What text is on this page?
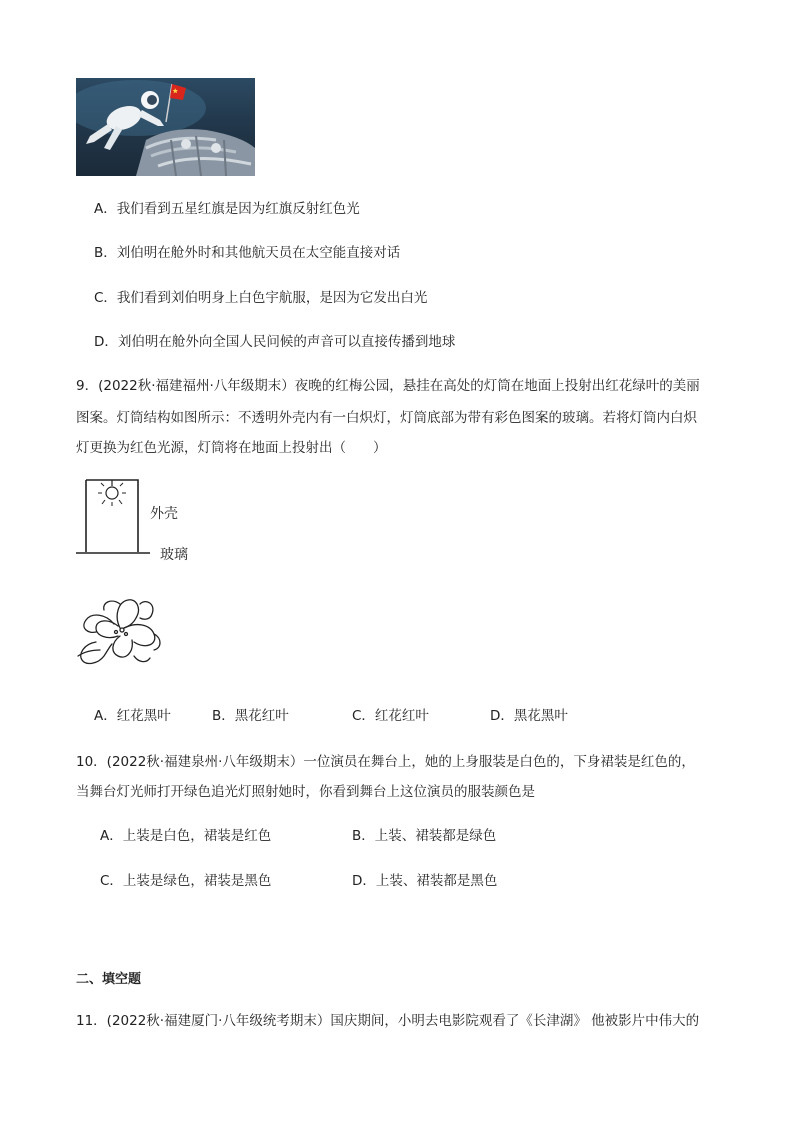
A．我们看到五星红旗是因为红旗反射红色光
B．刘伯明在舱外时和其他航天员在太空能直接对话
C．我们看到刘伯明身上白色宇航服，是因为它发出白光
D．刘伯明在舱外向全国人民问候的声音可以直接传播到地球
9．(2022秋·福建福州·八年级期末）夜晚的红梅公园，悬挂在高处的灯筒在地面上投射出红花绿叶的美丽
图案。灯筒结构如图所示：不透明外壳内有一白炽灯，灯筒底部为带有彩色图案的玻璃。若将灯筒内白炽
灯更换为红色光源，灯筒将在地面上投射出（　　）
外壳
玻璃
A．红花黑叶	B．黑花红叶	C．红花红叶	D．黑花黑叶
10．(2022秋·福建泉州·八年级期末）一位演员在舞台上，她的上身服装是白色的，下身裙装是红色的，
当舞台灯光师打开绿色追光灯照射她时，你看到舞台上这位演员的服装颜色是
A．上装是白色，裙装是红色	B．上装、裙装都是绿色
C．上装是绿色，裙装是黑色	D．上装、裙装都是黑色
二、填空题
11．(2022秋·福建厦门·八年级统考期末）国庆期间，小明去电影院观看了《长津湖》 他被影片中伟大的
